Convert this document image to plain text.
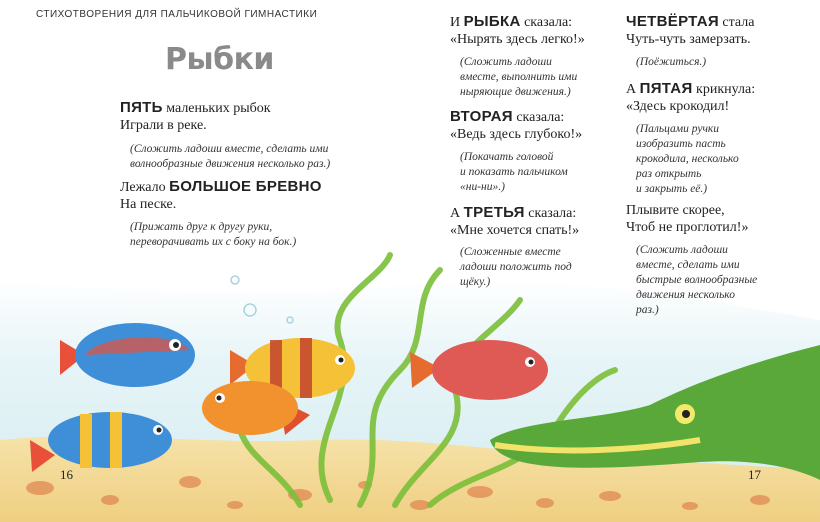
СТИХОТВОРЕНИЯ ДЛЯ ПАЛЬЧИКОВОЙ ГИМНАСТИКИ
Рыбки
ПЯТЬ маленьких рыбок
Играли в реке.
(Сложить ладоши вместе, сделать ими
волнообразные движения несколько раз.)
Лежало БОЛЬШОЕ БРЕВНО
На песке.
(Прижать друг к другу руки,
переворачивать их с боку на бок.)
И РЫБКА сказала:
«Нырять здесь легко!»
(Сложить ладоши
вместе, выполнить ими
ныряющие движения.)
ВТОРАЯ сказала:
«Ведь здесь глубоко!»
(Покачать головой
и показать пальчиком
«ни-ни».)
А ТРЕТЬЯ сказала:
«Мне хочется спать!»
(Сложенные вместе
ладоши положить под
щёку.)
ЧЕТВЁРТАЯ стала
Чуть-чуть замерзать.
(Поёжиться.)
А ПЯТАЯ крикнула:
«Здесь крокодил!
(Пальцами ручки
изобразить пасть
крокодила, несколько
раз открыть
и закрыть её.)
Плывите скорее,
Чтоб не проглотил!»
(Сложить ладоши
вместе, сделать ими
быстрые волнообразные
движения несколько
раз.)
16	17
